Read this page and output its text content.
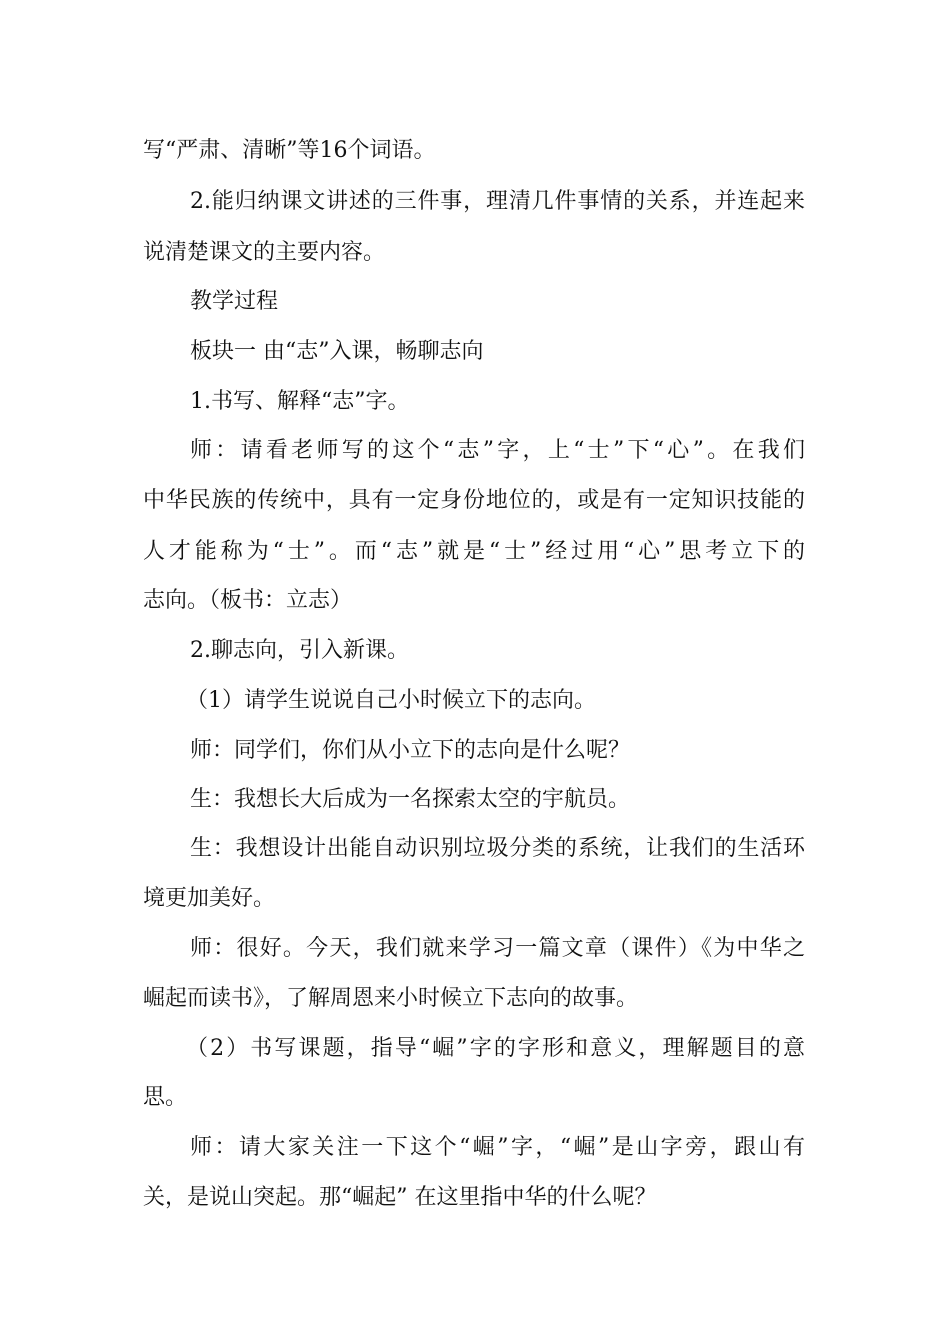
写“严肃、清晰”等16个词语。
2.能归纳课文讲述的三件事，理清几件事情的关系，并连起来
说清楚课文的主要内容。
教学过程
板块一 由“志”入课，畅聊志向
1.书写、解释“志”字。
师：请看老师写的这个“志”字，上“士”下“心”。在我们
中华民族的传统中，具有一定身份地位的，或是有一定知识技能的
人才能称为“士”。而“志”就是“士”经过用“心”思考立下的
志向。（板书：立志）
2.聊志向，引入新课。
（1）请学生说说自己小时候立下的志向。
师：同学们，你们从小立下的志向是什么呢？
生：我想长大后成为一名探索太空的宇航员。
生：我想设计出能自动识别垃圾分类的系统，让我们的生活环
境更加美好。
师：很好。今天，我们就来学习一篇文章（课件）《为中华之
崛起而读书》，了解周恩来小时候立下志向的故事。
（2）书写课题，指导“崛”字的字形和意义，理解题目的意
思。
师：请大家关注一下这个“崛”字，“崛”是山字旁，跟山有
关，是说山突起。那“崛起” 在这里指中华的什么呢？
